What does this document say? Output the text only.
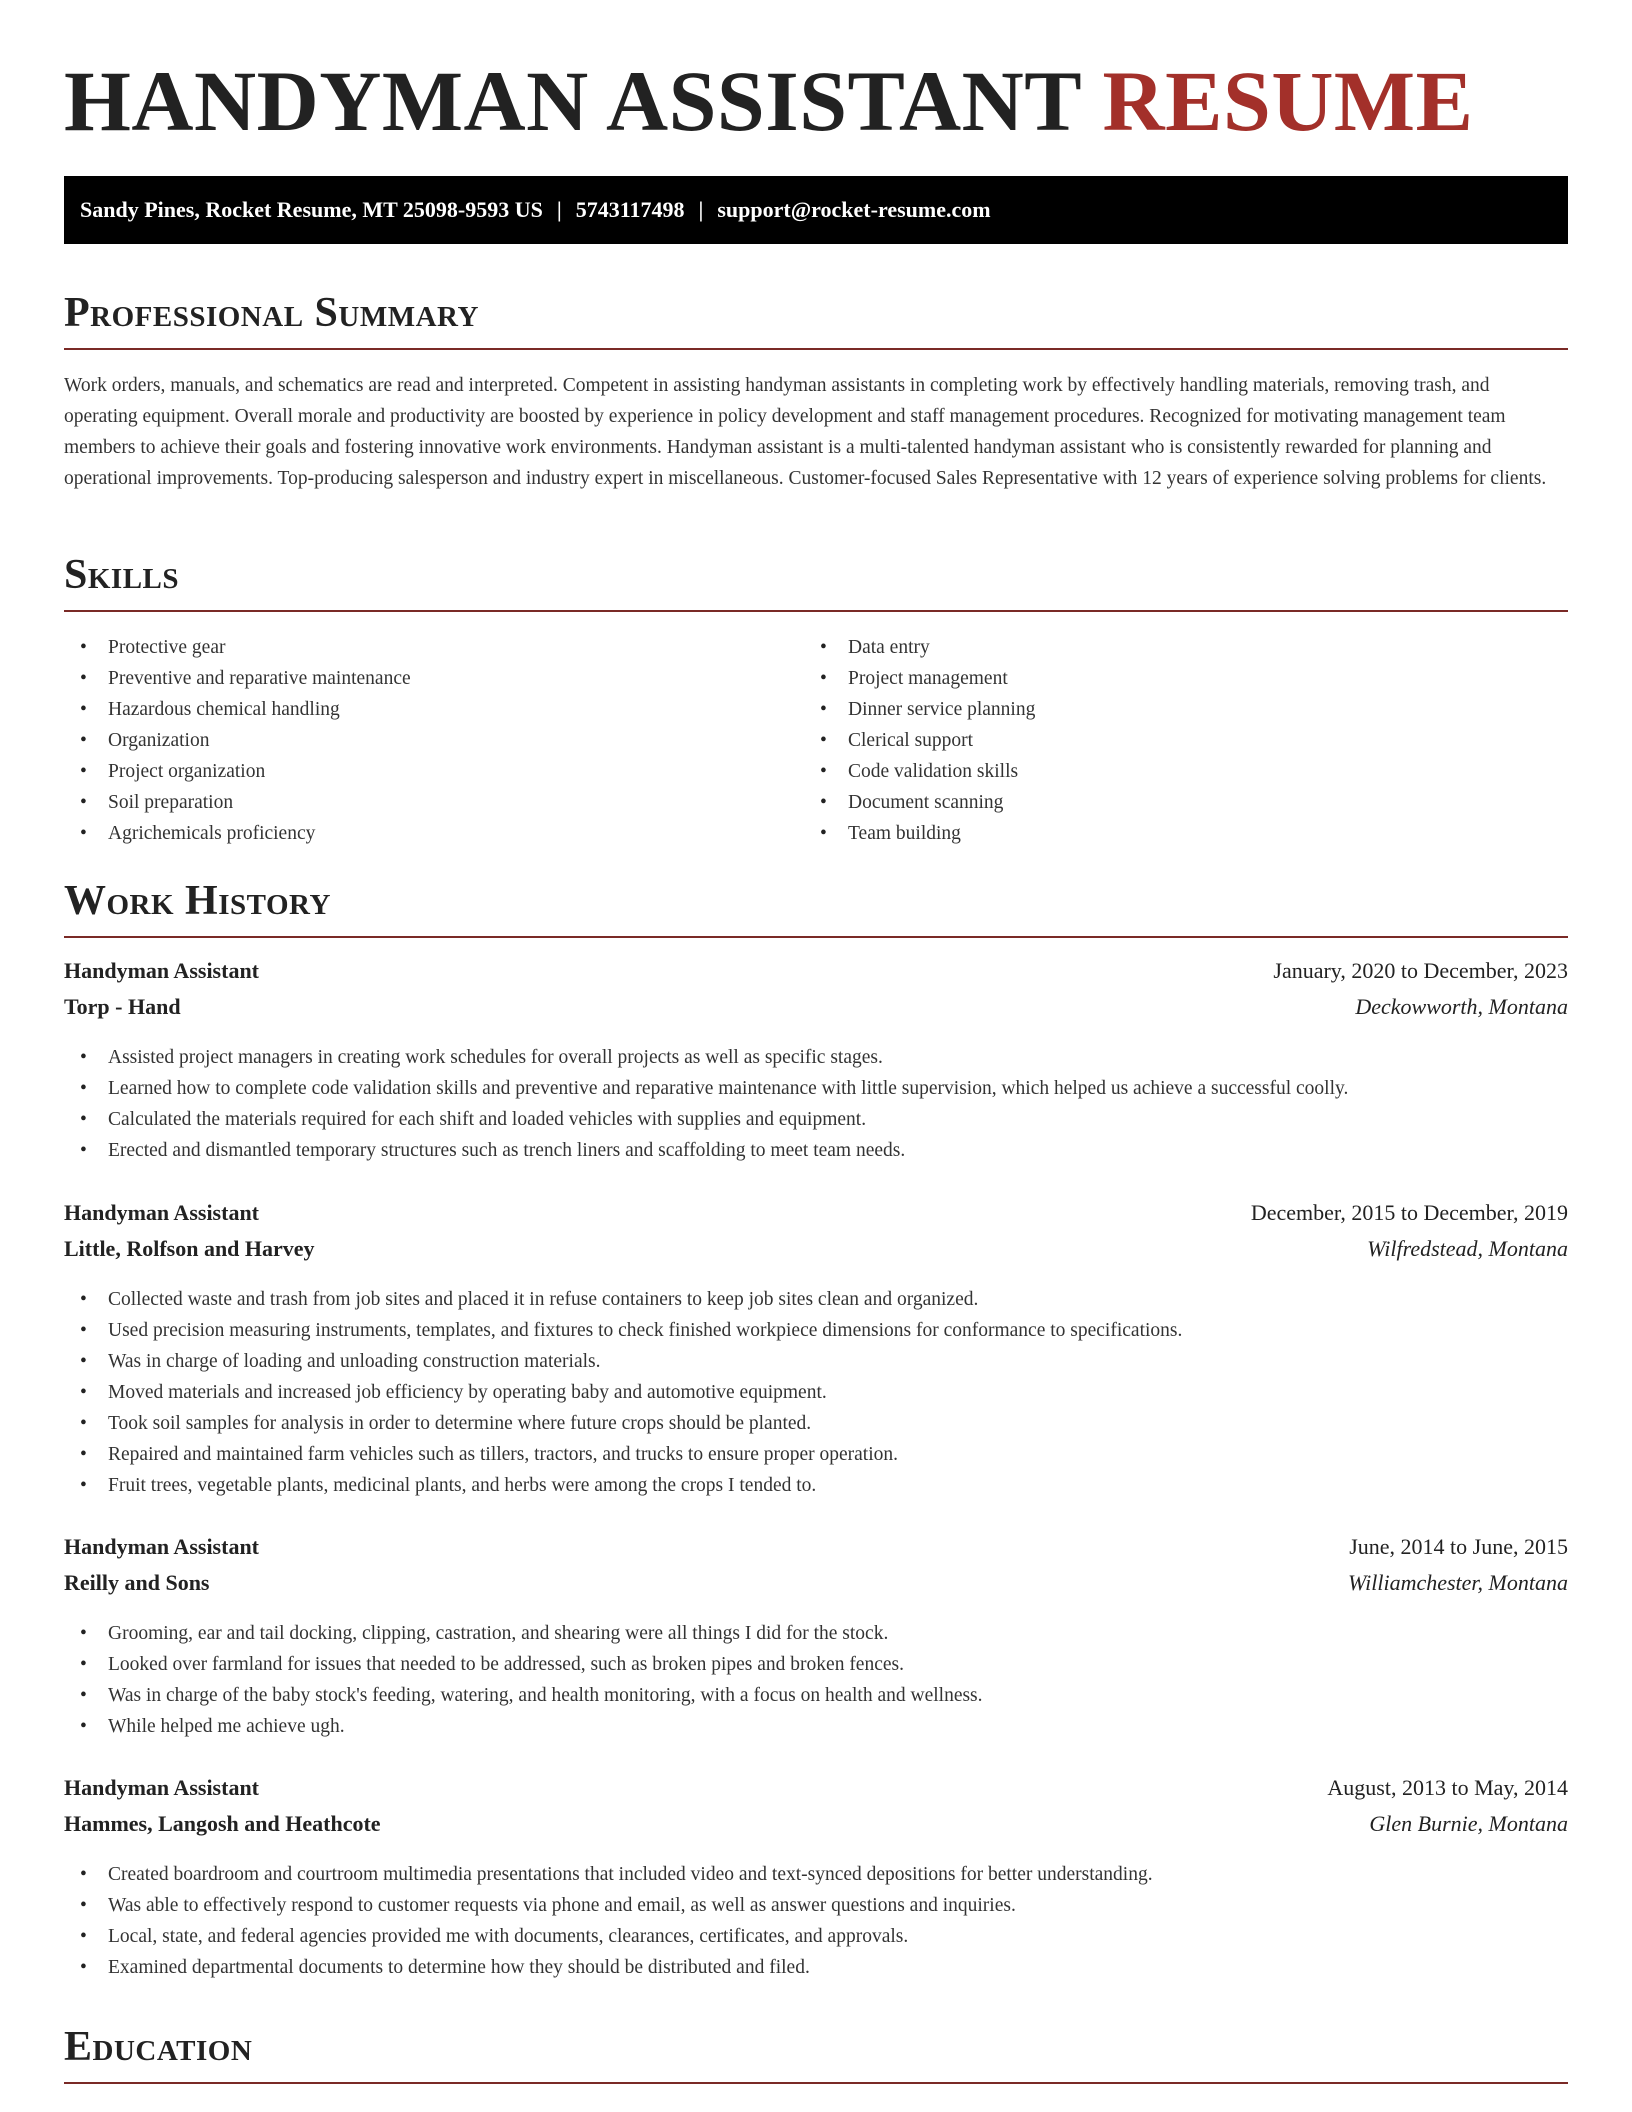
HANDYMAN ASSISTANT RESUME
Sandy Pines, Rocket Resume, MT 25098-9593 US | 5743117498 | support@rocket-resume.com
Professional Summary

Work orders, manuals, and schematics are read and interpreted. Competent in assisting handyman assistants in completing work by effectively handling materials, removing trash, and operating equipment. Overall morale and productivity are boosted by experience in policy development and staff management procedures. Recognized for motivating management team members to achieve their goals and fostering innovative work environments. Handyman assistant is a multi-talented handyman assistant who is consistently rewarded for planning and operational improvements. Top-producing salesperson and industry expert in miscellaneous. Customer-focused Sales Representative with 12 years of experience solving problems for clients.

Skills
• Protective gear
• Preventive and reparative maintenance
• Hazardous chemical handling
• Organization
• Project organization
• Soil preparation
• Agrichemicals proficiency
• Data entry
• Project management
• Dinner service planning
• Clerical support
• Code validation skills
• Document scanning
• Team building
Work History
Handyman Assistant	January, 2020 to December, 2023
Torp - Hand	Deckowworth, Montana
• Assisted project managers in creating work schedules for overall projects as well as specific stages.
• Learned how to complete code validation skills and preventive and reparative maintenance with little supervision, which helped us achieve a successful coolly.
• Calculated the materials required for each shift and loaded vehicles with supplies and equipment.
• Erected and dismantled temporary structures such as trench liners and scaffolding to meet team needs.
Handyman Assistant	December, 2015 to December, 2019
Little, Rolfson and Harvey	Wilfredstead, Montana
• Collected waste and trash from job sites and placed it in refuse containers to keep job sites clean and organized.
• Used precision measuring instruments, templates, and fixtures to check finished workpiece dimensions for conformance to specifications.
• Was in charge of loading and unloading construction materials.
• Moved materials and increased job efficiency by operating baby and automotive equipment.
• Took soil samples for analysis in order to determine where future crops should be planted.
• Repaired and maintained farm vehicles such as tillers, tractors, and trucks to ensure proper operation.
• Fruit trees, vegetable plants, medicinal plants, and herbs were among the crops I tended to.
Handyman Assistant	June, 2014 to June, 2015
Reilly and Sons	Williamchester, Montana
• Grooming, ear and tail docking, clipping, castration, and shearing were all things I did for the stock.
• Looked over farmland for issues that needed to be addressed, such as broken pipes and broken fences.
• Was in charge of the baby stock's feeding, watering, and health monitoring, with a focus on health and wellness.
• While helped me achieve ugh.
Handyman Assistant	August, 2013 to May, 2014
Hammes, Langosh and Heathcote	Glen Burnie, Montana
• Created boardroom and courtroom multimedia presentations that included video and text-synced depositions for better understanding.
• Was able to effectively respond to customer requests via phone and email, as well as answer questions and inquiries.
• Local, state, and federal agencies provided me with documents, clearances, certificates, and approvals.
• Examined departmental documents to determine how they should be distributed and filed.
Education
